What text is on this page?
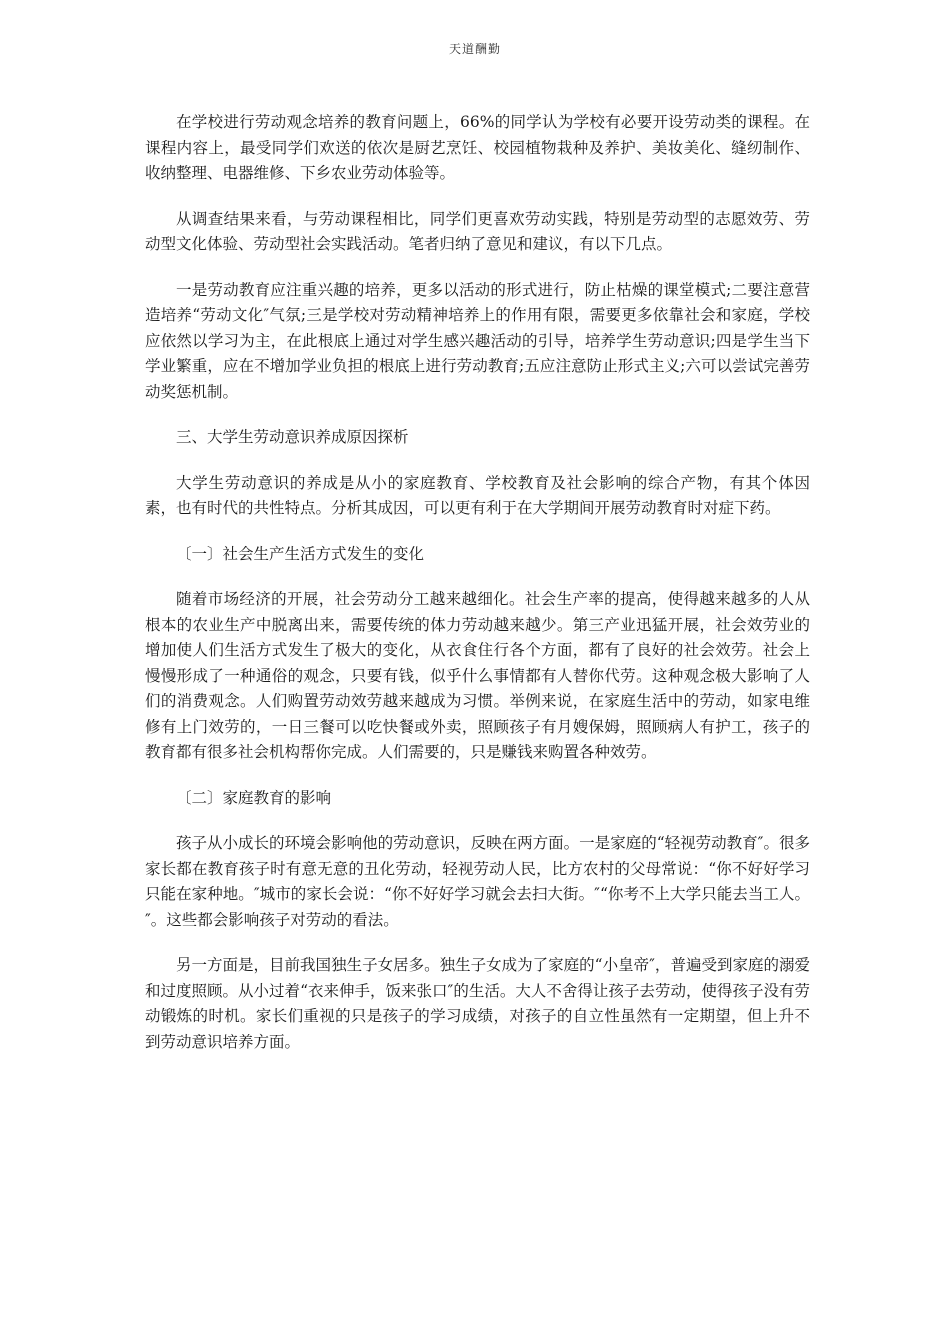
天道酬勤

在学校进行劳动观念培养的教育问题上，66%的同学认为学校有必要开设劳动类的课程。在课程内容上，最受同学们欢送的依次是厨艺烹饪、校园植物栽种及养护、美妆美化、缝纫制作、收纳整理、电器维修、下乡农业劳动体验等。

从调查结果来看，与劳动课程相比，同学们更喜欢劳动实践，特别是劳动型的志愿效劳、劳动型文化体验、劳动型社会实践活动。笔者归纳了意见和建议，有以下几点。

一是劳动教育应注重兴趣的培养，更多以活动的形式进行，防止枯燥的课堂模式;二要注意营造培养“劳动文化″气氛;三是学校对劳动精神培养上的作用有限，需要更多依靠社会和家庭，学校应依然以学习为主，在此根底上通过对学生感兴趣活动的引导，培养学生劳动意识;四是学生当下学业繁重，应在不增加学业负担的根底上进行劳动教育;五应注意防止形式主义;六可以尝试完善劳动奖惩机制。

三、大学生劳动意识养成原因探析

大学生劳动意识的养成是从小的家庭教育、学校教育及社会影响的综合产物，有其个体因素，也有时代的共性特点。分析其成因，可以更有利于在大学期间开展劳动教育时对症下药。

〔一〕社会生产生活方式发生的变化

随着市场经济的开展，社会劳动分工越来越细化。社会生产率的提高，使得越来越多的人从根本的农业生产中脱离出来，需要传统的体力劳动越来越少。第三产业迅猛开展，社会效劳业的增加使人们生活方式发生了极大的变化，从衣食住行各个方面，都有了良好的社会效劳。社会上慢慢形成了一种通俗的观念，只要有钱，似乎什么事情都有人替你代劳。这种观念极大影响了人们的消费观念。人们购置劳动效劳越来越成为习惯。举例来说，在家庭生活中的劳动，如家电维修有上门效劳的，一日三餐可以吃快餐或外卖，照顾孩子有月嫂保姆，照顾病人有护工，孩子的教育都有很多社会机构帮你完成。人们需要的，只是赚钱来购置各种效劳。

〔二〕家庭教育的影响

孩子从小成长的环境会影响他的劳动意识，反映在两方面。一是家庭的“轻视劳动教育″。很多家长都在教育孩子时有意无意的丑化劳动，轻视劳动人民，比方农村的父母常说：“你不好好学习只能在家种地。″城市的家长会说：“你不好好学习就会去扫大街。″“你考不上大学只能去当工人。″。这些都会影响孩子对劳动的看法。

另一方面是，目前我国独生子女居多。独生子女成为了家庭的“小皇帝″，普遍受到家庭的溺爱和过度照顾。从小过着“衣来伸手，饭来张口″的生活。大人不舍得让孩子去劳动，使得孩子没有劳动锻炼的时机。家长们重视的只是孩子的学习成绩，对孩子的自立性虽然有一定期望，但上升不到劳动意识培养方面。
